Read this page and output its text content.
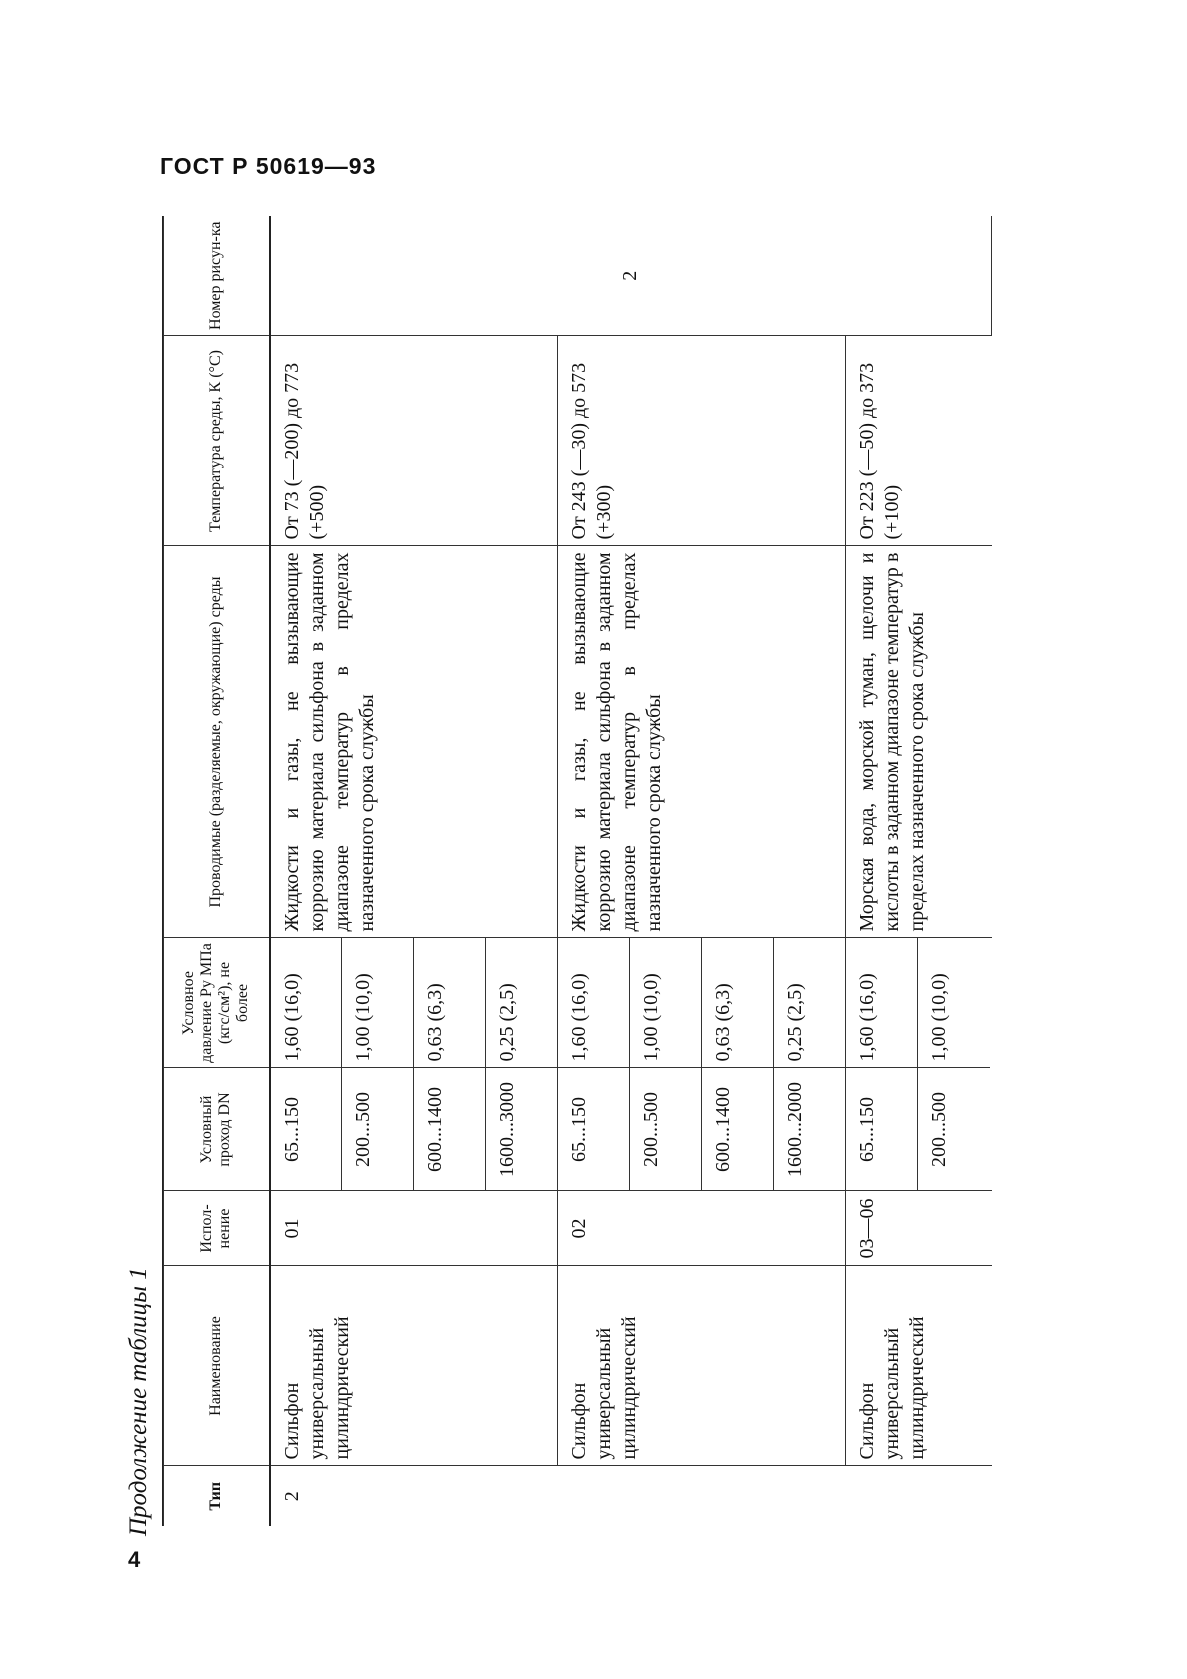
ГОСТ Р 50619—93
4
Продолжение таблицы 1	Тип	Наименование	Испол-нение	Условный проход DN	Условное давление Pу МПа (кгс/см²), не более	Проводимые (разделяемые, окружающие) среды	Температура среды, К (°С)	Номер рисун-ка
2	Сильфон универсальный цилиндрический	01	65...150	1,60 (16,0)	Жидкости и газы, не вызывающие коррозию материала сильфона в заданном диапазоне температур в пределах назначенного срока службы	От 73 (—200) до 773 (+500)	2
			200...500	1,00 (10,0)			
			600...1400	0,63 (6,3)			
			1600...3000	0,25 (2,5)			
	Сильфон универсальный цилиндрический	02	65...150	1,60 (16,0)	Жидкости и газы, не вызывающие коррозию материала сильфона в заданном диапазоне температур в пределах назначенного срока службы	От 243 (—30) до 573 (+300)	
			200...500	1,00 (10,0)			
			600...1400	0,63 (6,3)			
			1600...2000	0,25 (2,5)			
	Сильфон универсальный цилиндрический	03—06	65...150	1,60 (16,0)	Морская вода, морской туман, щелочи и кислоты в заданном диапазоне температур в пределах назначенного срока службы	От 223 (—50) до 373 (+100)	
			200...500	1,00 (10,0)			
